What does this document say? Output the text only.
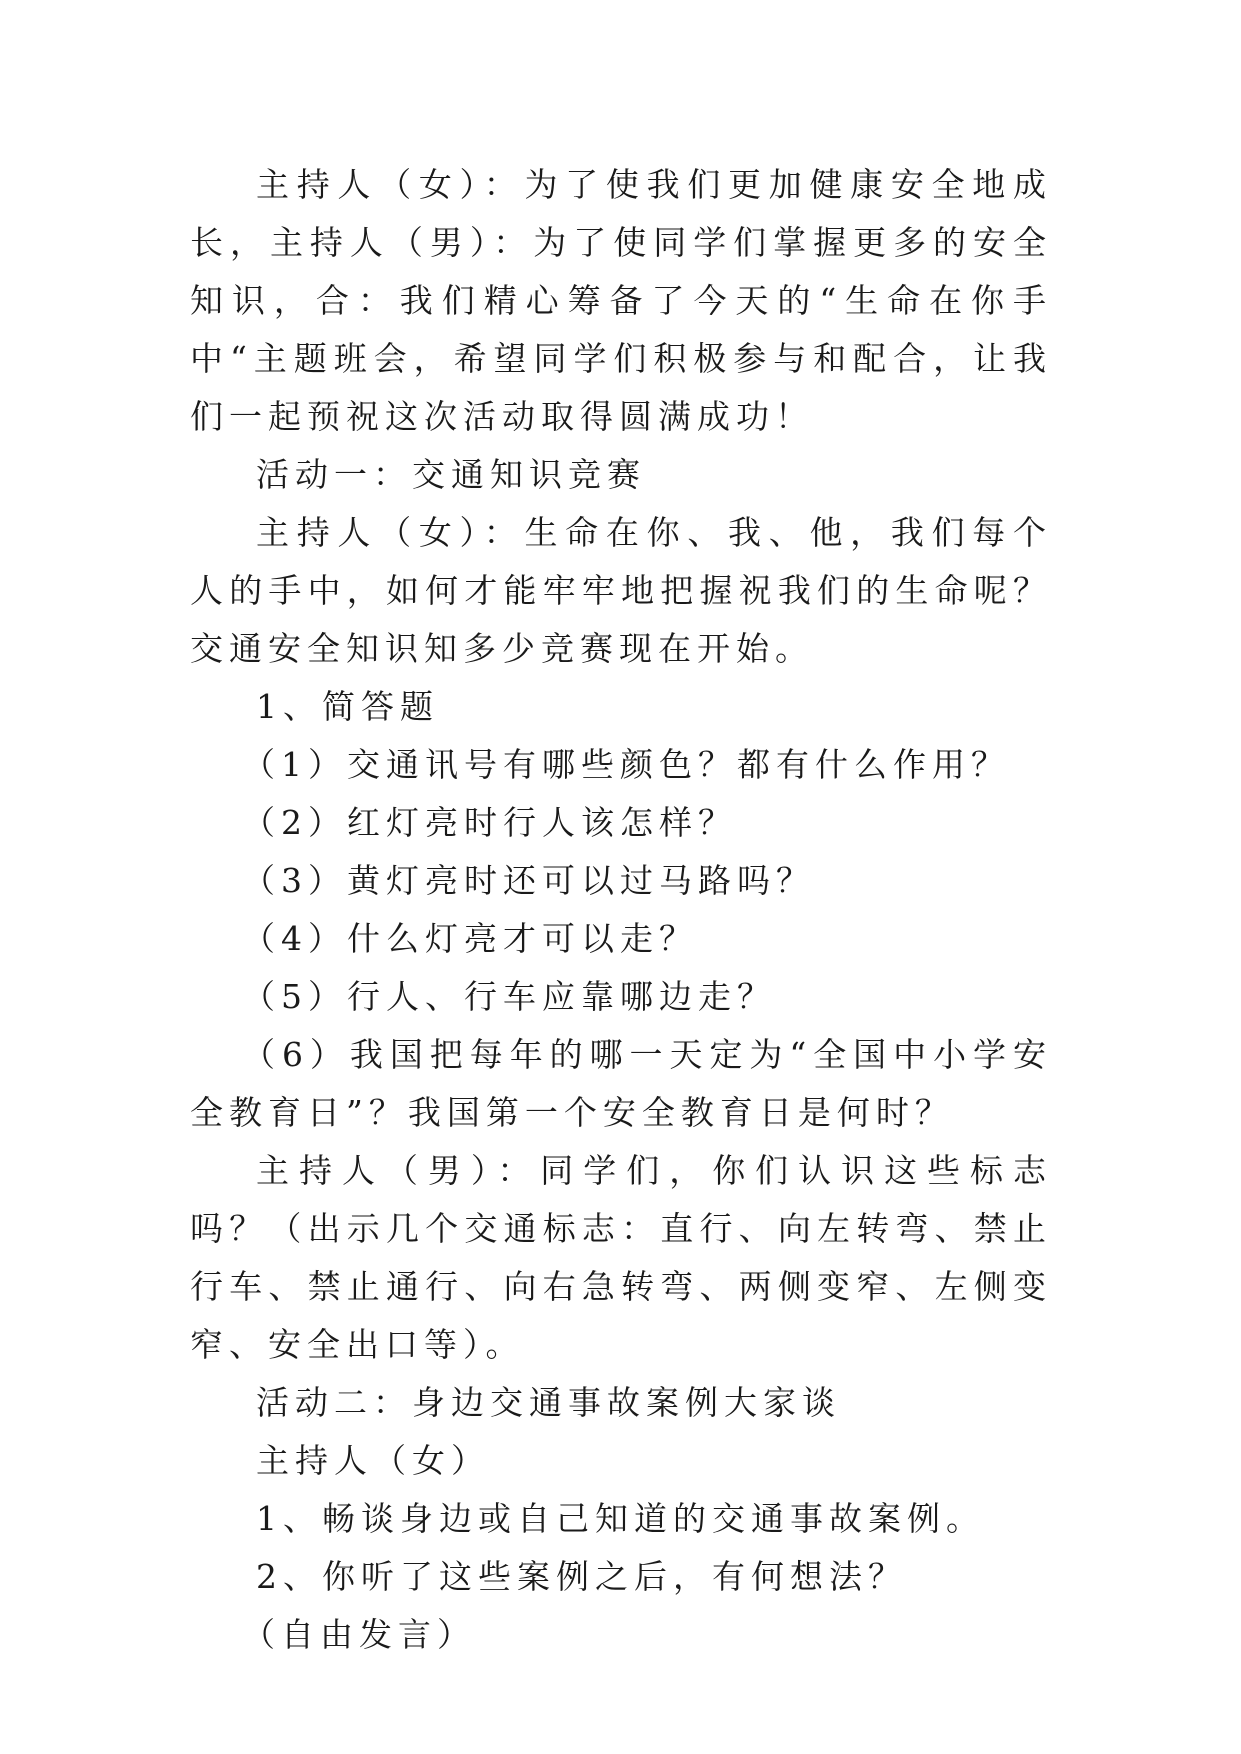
主持人（女）：为了使我们更加健康安全地成长，主持人（男）：为了使同学们掌握更多的安全知识，合：我们精心筹备了今天的“生命在你手中“主题班会，希望同学们积极参与和配合，让我们一起预祝这次活动取得圆满成功！

活动一：交通知识竞赛

主持人（女）：生命在你、我、他，我们每个人的手中，如何才能牢牢地把握祝我们的生命呢？交通安全知识知多少竞赛现在开始。

1、简答题

（1）交通讯号有哪些颜色？都有什么作用？

（2）红灯亮时行人该怎样？

（3）黄灯亮时还可以过马路吗？

（4）什么灯亮才可以走？

（5）行人、行车应靠哪边走？

（6）我国把每年的哪一天定为“全国中小学安全教育日”？我国第一个安全教育日是何时？

主持人（男）：同学们，你们认识这些标志吗？（出示几个交通标志：直行、向左转弯、禁止行车、禁止通行、向右急转弯、两侧变窄、左侧变窄、安全出口等）。

活动二：身边交通事故案例大家谈

主持人（女）

1、畅谈身边或自己知道的交通事故案例。

2、你听了这些案例之后，有何想法？

（自由发言）
